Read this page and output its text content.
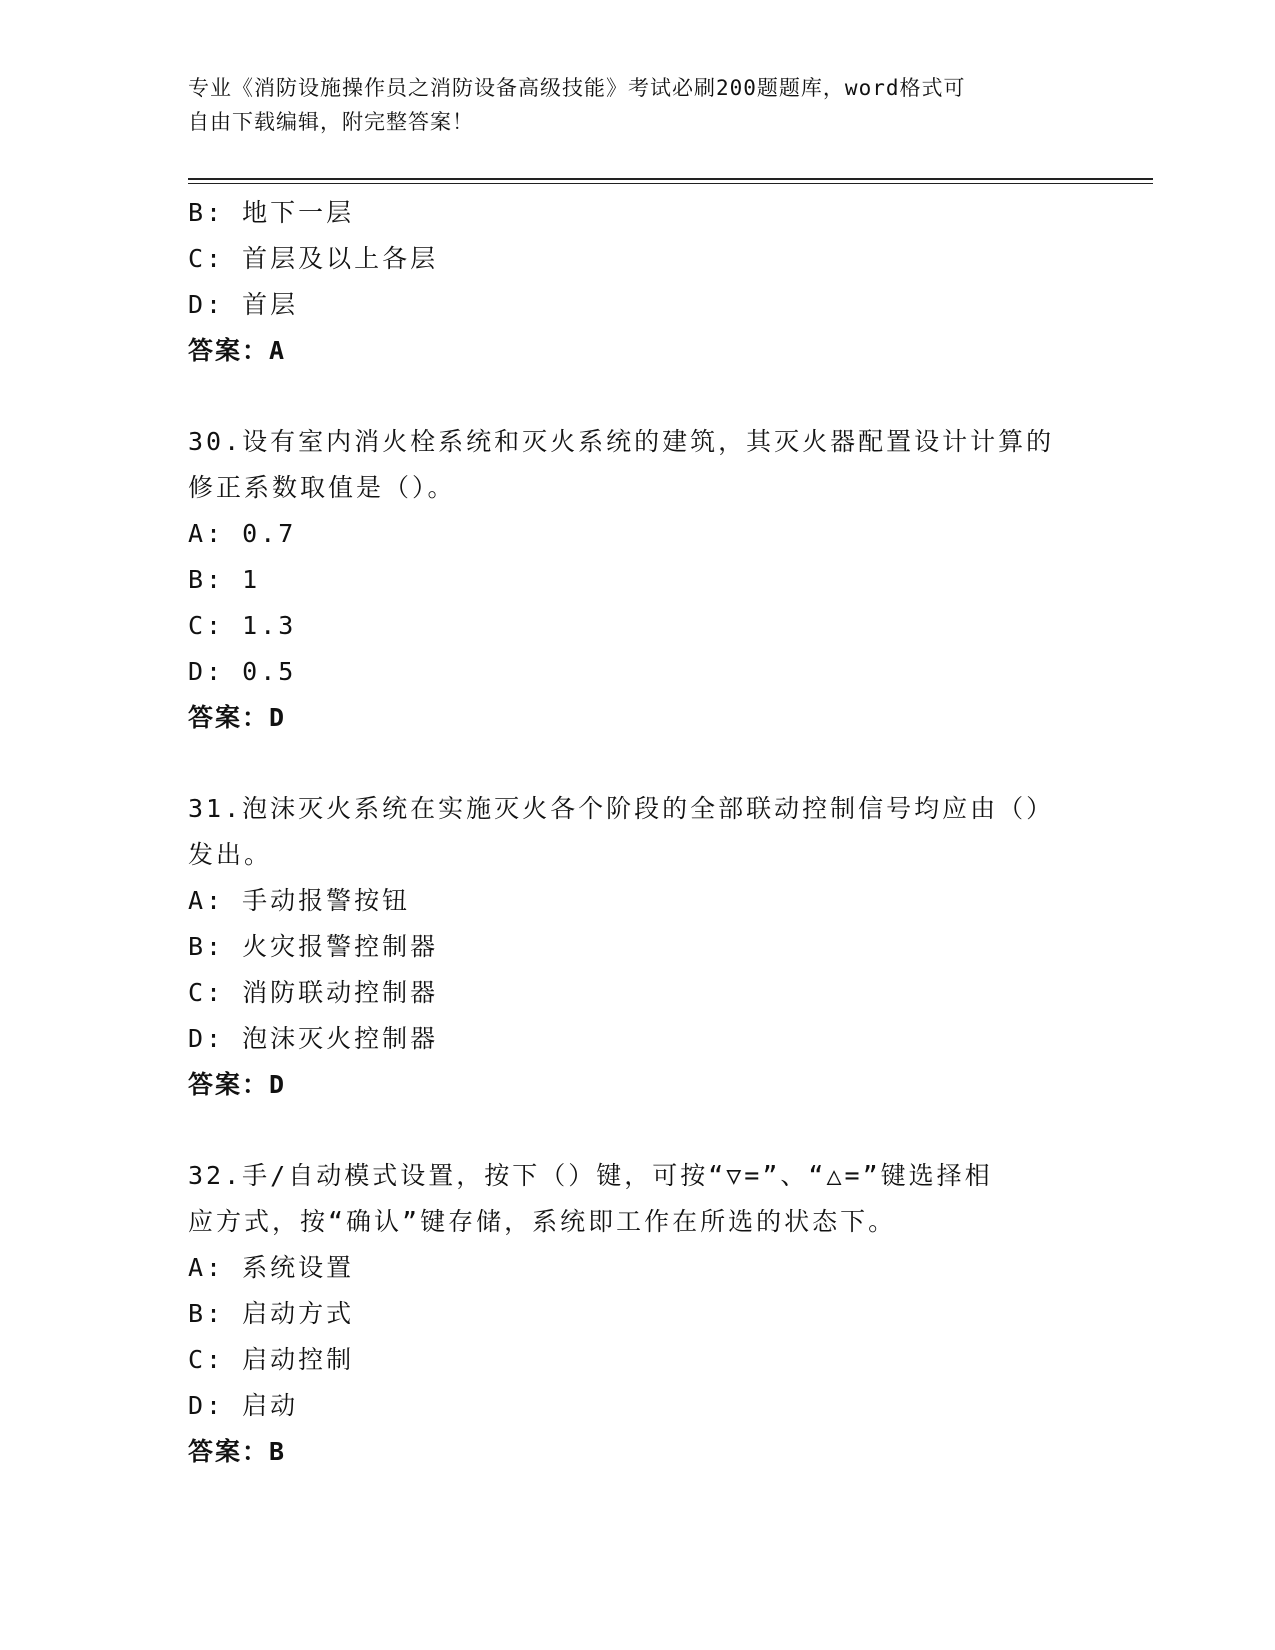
专业《消防设施操作员之消防设备高级技能》考试必刷200题题库，word格式可
自由下载编辑，附完整答案！
B: 地下一层
C: 首层及以上各层
D: 首层
答案：A
30.设有室内消火栓系统和灭火系统的建筑，其灭火器配置设计计算的
修正系数取值是（）。
A: 0.7
B: 1
C: 1.3
D: 0.5
答案：D
31.泡沫灭火系统在实施灭火各个阶段的全部联动控制信号均应由（）
发出。
A: 手动报警按钮
B: 火灾报警控制器
C: 消防联动控制器
D: 泡沫灭火控制器
答案：D
32.手/自动模式设置，按下（）键，可按“▽=”、“△=”键选择相
应方式，按“确认”键存储，系统即工作在所选的状态下。
A: 系统设置
B: 启动方式
C: 启动控制
D: 启动
答案：B
